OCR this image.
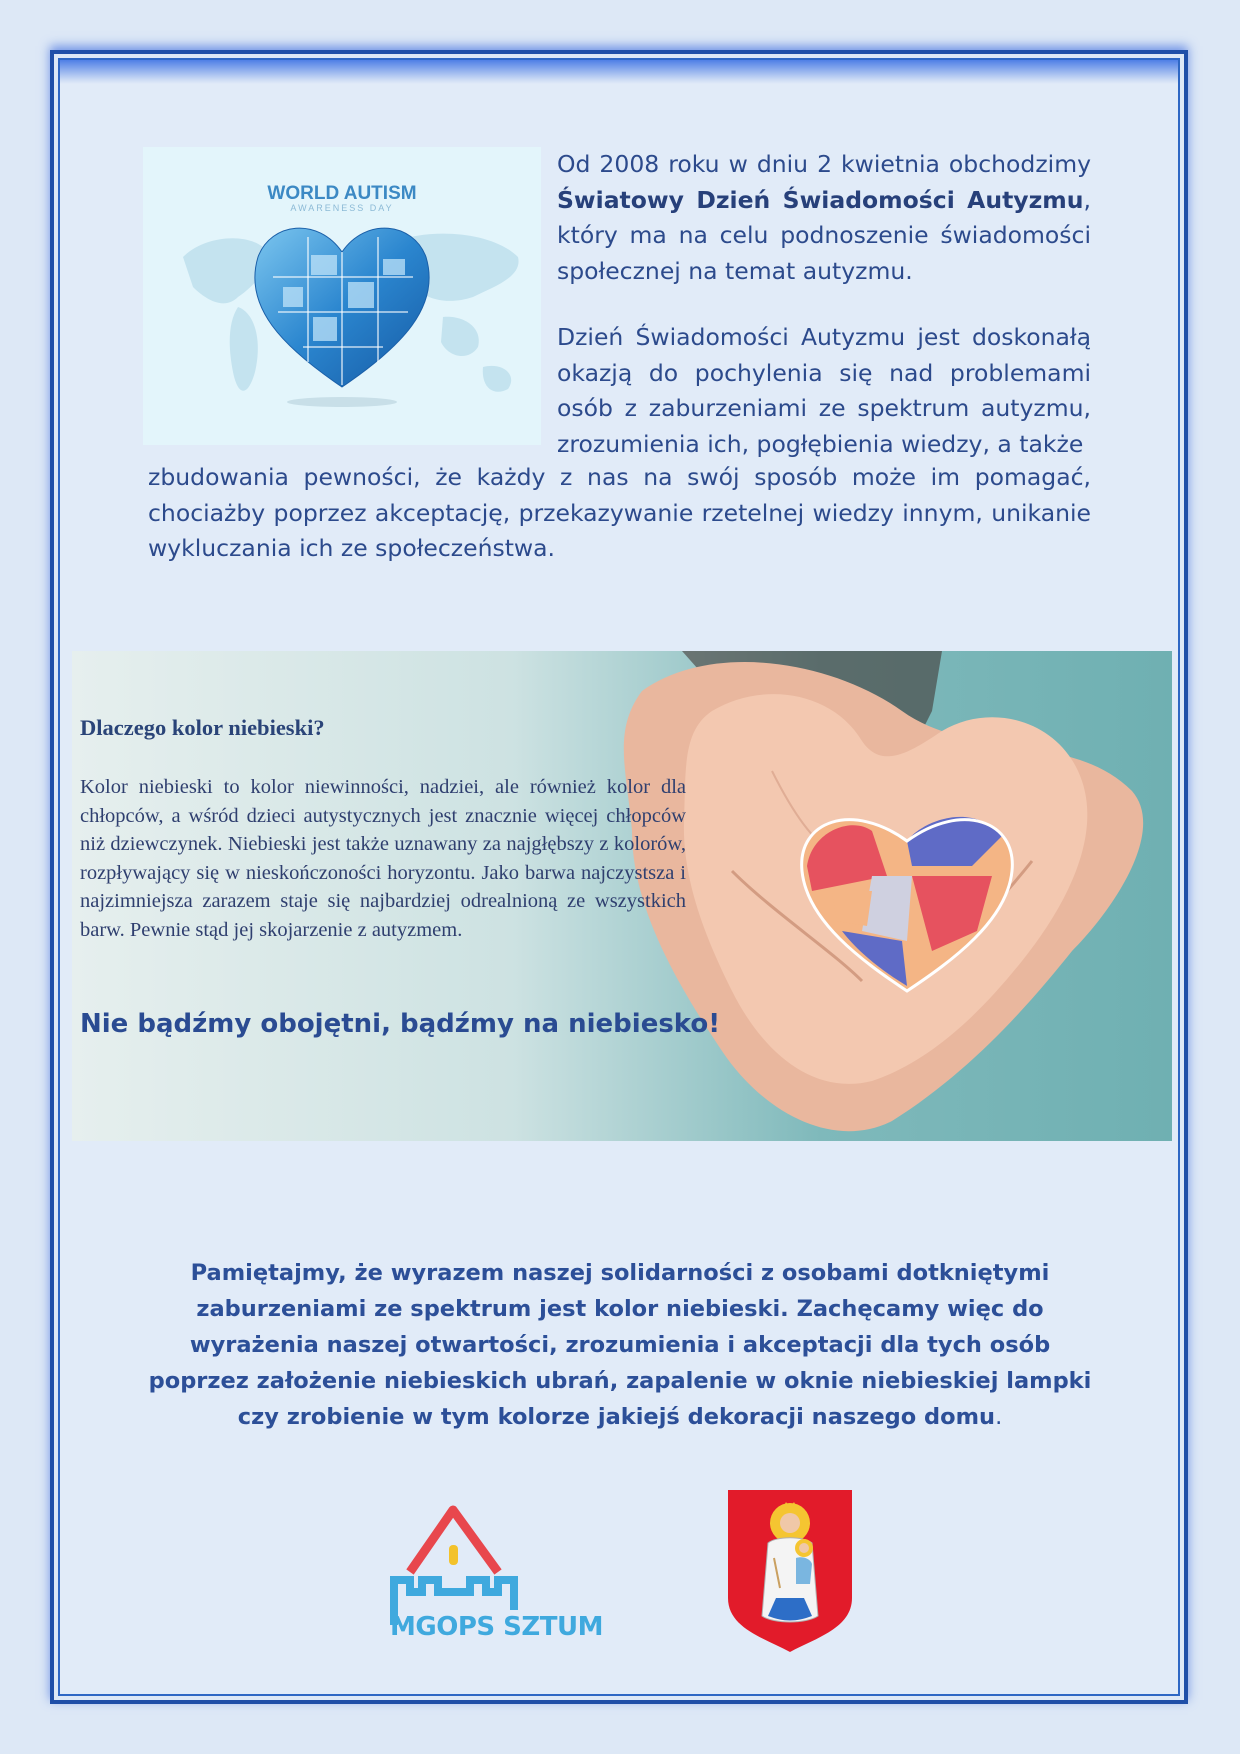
WORLD AUTISM
AWARENESS DAY
Od 2008 roku w dniu 2 kwietnia obchodzimy Światowy Dzień Świadomości Autyzmu, który ma na celu podnoszenie świadomości społecznej na temat autyzmu.
Dzień Świadomości Autyzmu jest doskonałą okazją do pochylenia się nad problemami osób z zaburzeniami ze spektrum autyzmu, zrozumienia ich, pogłębienia wiedzy, a także
zbudowania pewności, że każdy z nas na swój sposób może im pomagać, chociażby poprzez akceptację, przekazywanie rzetelnej wiedzy innym, unikanie wykluczania ich ze społeczeństwa.
Dlaczego kolor niebieski?
Kolor niebieski to kolor niewinności, nadziei, ale również kolor dla chłopców, a wśród dzieci autystycznych jest znacznie więcej chłopców niż dziewczynek. Niebieski jest także uznawany za najgłębszy z kolorów, rozpływający się w nieskończoności horyzontu. Jako barwa najczystsza i najzimniejsza zarazem staje się najbardziej odrealnioną ze wszystkich barw. Pewnie stąd jej skojarzenie z autyzmem.
Nie bądźmy obojętni, bądźmy na niebiesko!
Pamiętajmy, że wyrazem naszej solidarności z osobami dotkniętymi zaburzeniami ze spektrum jest kolor niebieski. Zachęcamy więc do wyrażenia naszej otwartości, zrozumienia i akceptacji dla tych osób poprzez założenie niebieskich ubrań, zapalenie w oknie niebieskiej lampki czy zrobienie w tym kolorze jakiejś dekoracji naszego domu.
MGOPS SZTUM
